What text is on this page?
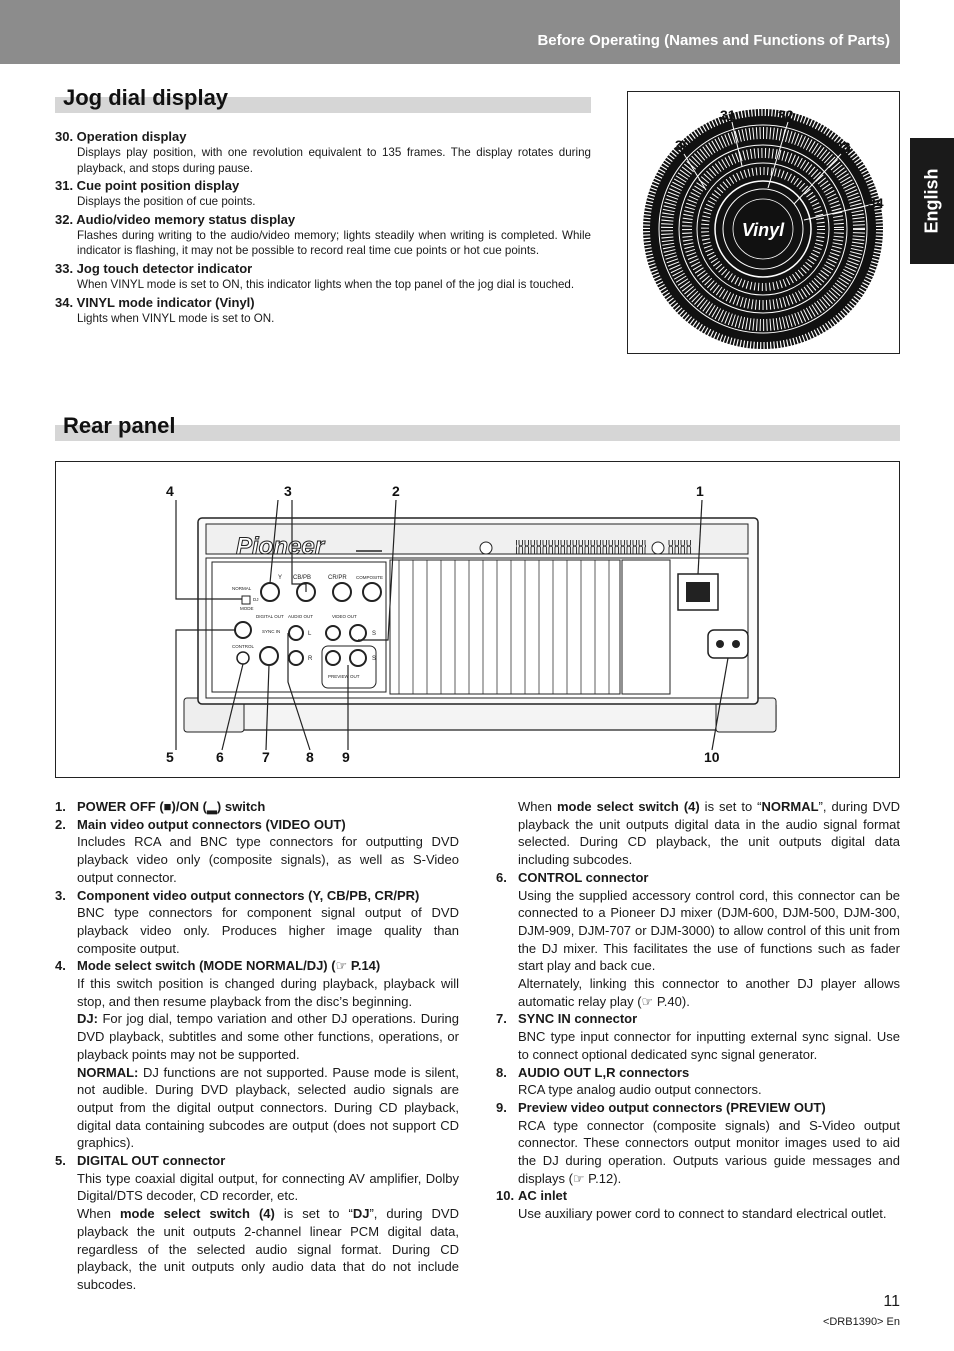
Before Operating (Names and Functions of Parts)
English
Jog dial display
30. Operation display
Displays play position, with one revolution equivalent to 135 frames. The display rotates during playback, and stops during pause.
31. Cue point position display
Displays the position of cue points.
32. Audio/video memory status display
Flashes during writing to the audio/video memory; lights steadily when writing is completed. While indicator is flashing, it may not be possible to record real time cue points or hot cue points.
33. Jog touch detector indicator
When VINYL mode is set to ON, this indicator lights when the top panel of the jog dial is touched.
34. VINYL mode indicator (Vinyl)
Lights when VINYL mode is set to ON.
Vinyl
30
31	32
33
34
Rear panel
Pioneer
Y CB/PB	CR/PR COMPOSITE
NORMAL
DJ
MODE
DIGITAL OUT AUDIO OUT	VIDEO OUT
SYNC IN
CONTROL
L
R
S
S
PREVIEW OUT
4	3	2	1
5	6	7	8 9	10
1. POWER OFF (■)/ON (▂) switch
2. Main video output connectors (VIDEO OUT)
Includes RCA and BNC type connectors for outputting DVD playback video only (composite signals), as well as S-Video output connector.
3. Component video output connectors (Y, CB/PB, CR/PR)
BNC type connectors for component signal output of DVD playback video only. Produces higher image quality than composite output.
4. Mode select switch (MODE NORMAL/DJ) (☞ P.14)
If this switch position is changed during playback, playback will stop, and then resume playback from the disc’s beginning.
DJ: For jog dial, tempo variation and other DJ operations. During DVD playback, subtitles and some other functions, operations, or playback points may not be supported.
NORMAL: DJ functions are not supported. Pause mode is silent, not audible. During DVD playback, selected audio signals are output from the digital output connectors. During CD playback, digital data containing subcodes are output (does not support CD graphics).
5. DIGITAL OUT connector
This type coaxial digital output, for connecting AV amplifier, Dolby Digital/DTS decoder, CD recorder, etc.
When mode select switch (4) is set to “DJ”, during DVD playback the unit outputs 2-channel linear PCM digital data, regardless of the selected audio signal format. During CD playback, the unit outputs only audio data that do not include subcodes.
When mode select switch (4) is set to “NORMAL”, during DVD playback the unit outputs digital data in the audio signal format selected. During CD playback, the unit outputs digital data including subcodes.
6. CONTROL connector
Using the supplied accessory control cord, this connector can be connected to a Pioneer DJ mixer (DJM-600, DJM-500, DJM-300, DJM-909, DJM-707 or DJM-3000) to allow control of this unit from the DJ mixer. This facilitates the use of functions such as fader start play and back cue.
Alternately, linking this connector to another DJ player allows automatic relay play (☞ P.40).
7. SYNC IN connector
BNC type input connector for inputting external sync signal. Use to connect optional dedicated sync signal generator.
8. AUDIO OUT L,R connectors
RCA type analog audio output connectors.
9. Preview video output connectors (PREVIEW OUT)
RCA type connector (composite signals) and S-Video output connector. These connectors output monitor images used to aid the DJ during operation. Outputs various guide messages and displays (☞ P.12).
10. AC inlet
Use auxiliary power cord to connect to standard electrical outlet.
11
<DRB1390> En
